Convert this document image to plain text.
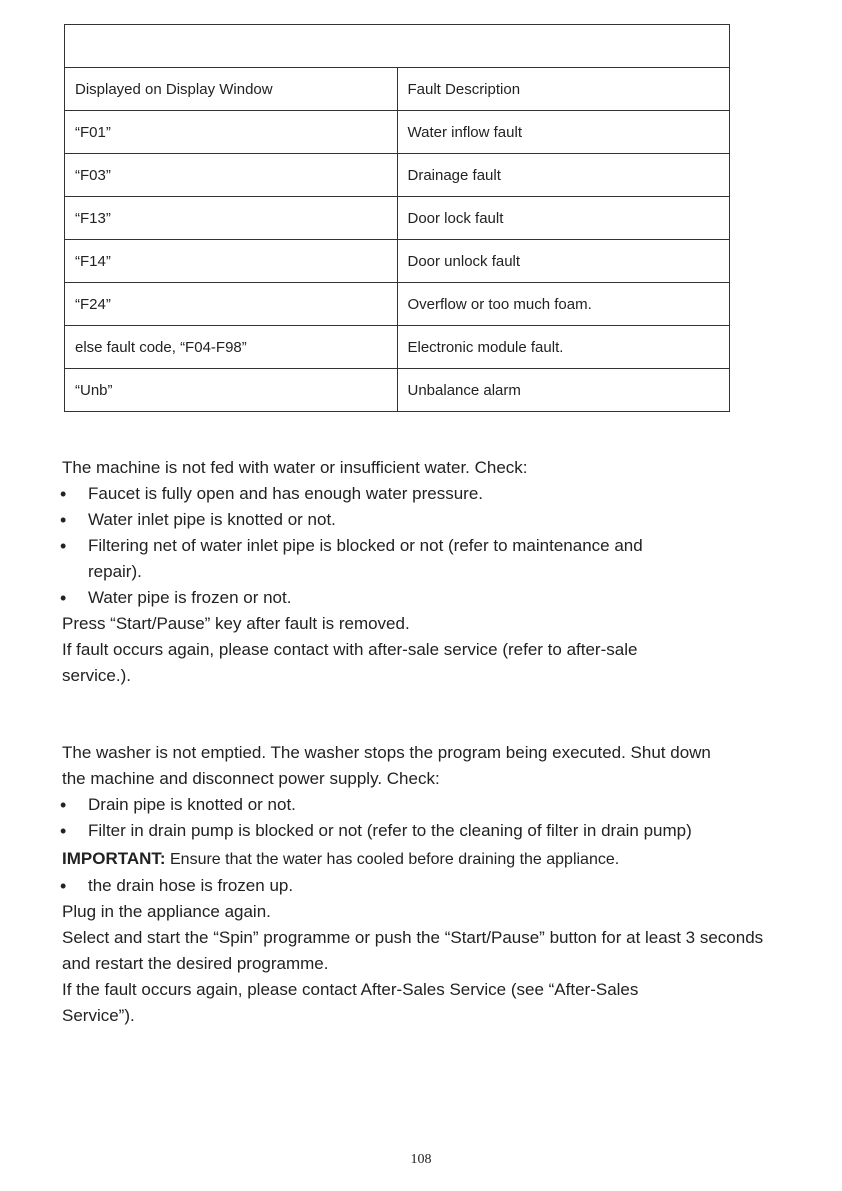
Displayed on Display Window	Fault Description
“F01”	Water inflow fault
“F03”	Drainage fault
“F13”	Door lock fault
“F14”	Door unlock fault
“F24”	Overflow or too much foam.
else fault code, “F04-F98”	Electronic module fault.
“Unb”	Unbalance alarm

The machine is not fed with water or insufficient water. Check:

• Faucet is fully open and has enough water pressure.
• Water inlet pipe is knotted or not.
• Filtering net of water inlet pipe is blocked or not (refer to maintenance and repair).
• Water pipe is frozen or not.

Press “Start/Pause” key after fault is removed.

If fault occurs again, please contact with after-sale service (refer to after-sale service.).

The washer is not emptied. The washer stops the program being executed. Shut down the machine and disconnect power supply. Check:

• Drain pipe is knotted or not.
• Filter in drain pump is blocked or not (refer to the cleaning of filter in drain pump)

IMPORTANT: Ensure that the water has cooled before draining the appliance.

• the drain hose is frozen up.

Plug in the appliance again.

Select and start the “Spin” programme or push the “Start/Pause” button for at least 3 seconds and restart the desired programme.

If the fault occurs again, please contact After-Sales Service (see “After-Sales Service”).

108
